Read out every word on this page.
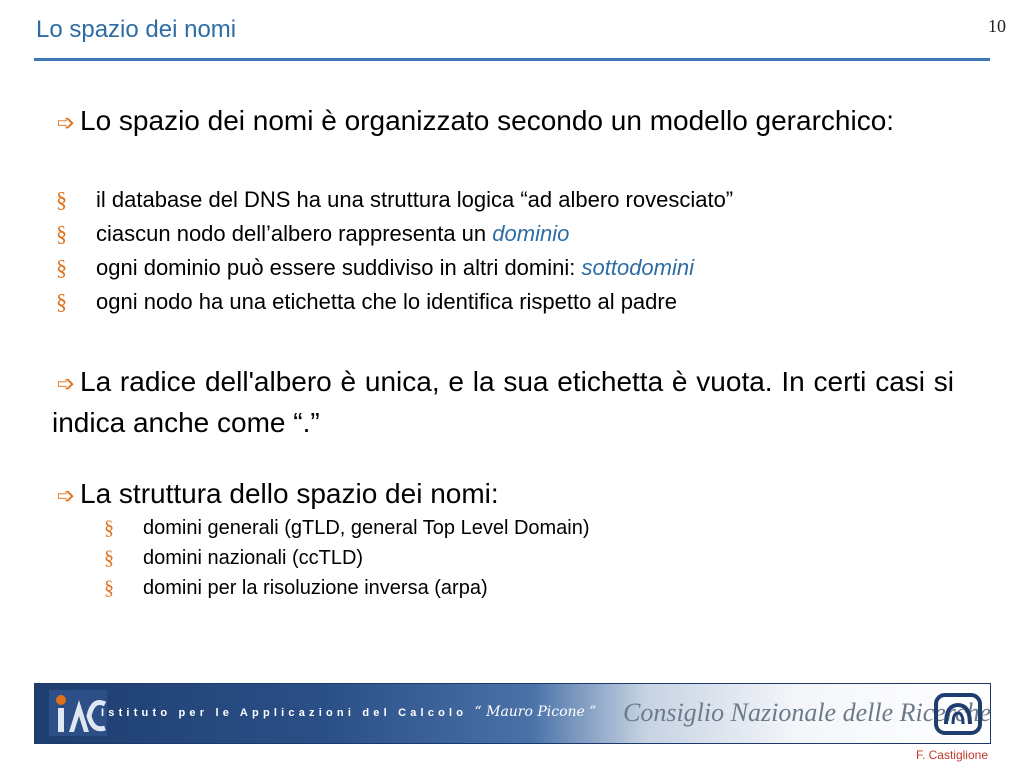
Lo spazio dei nomi	10
➩ Lo spazio dei nomi è organizzato secondo un modello gerarchico:
§ il database del DNS ha una struttura logica “ad albero rovesciato”
§ ciascun nodo dell’albero rappresenta un dominio
§ ogni dominio può essere suddiviso in altri domini: sottodomini
§ ogni nodo ha una etichetta che lo identifica rispetto al padre
➩ La radice dell'albero è unica, e la sua etichetta è vuota. In certi casi si indica anche come “.”
➩ La struttura dello spazio dei nomi:
§ domini generali (gTLD, general Top Level Domain)
§ domini nazionali (ccTLD)
§ domini per la risoluzione inversa (arpa)
Istituto per le Applicazioni del Calcolo “ Mauro Picone ” Consiglio Nazionale delle Ricerche
F. Castiglione
